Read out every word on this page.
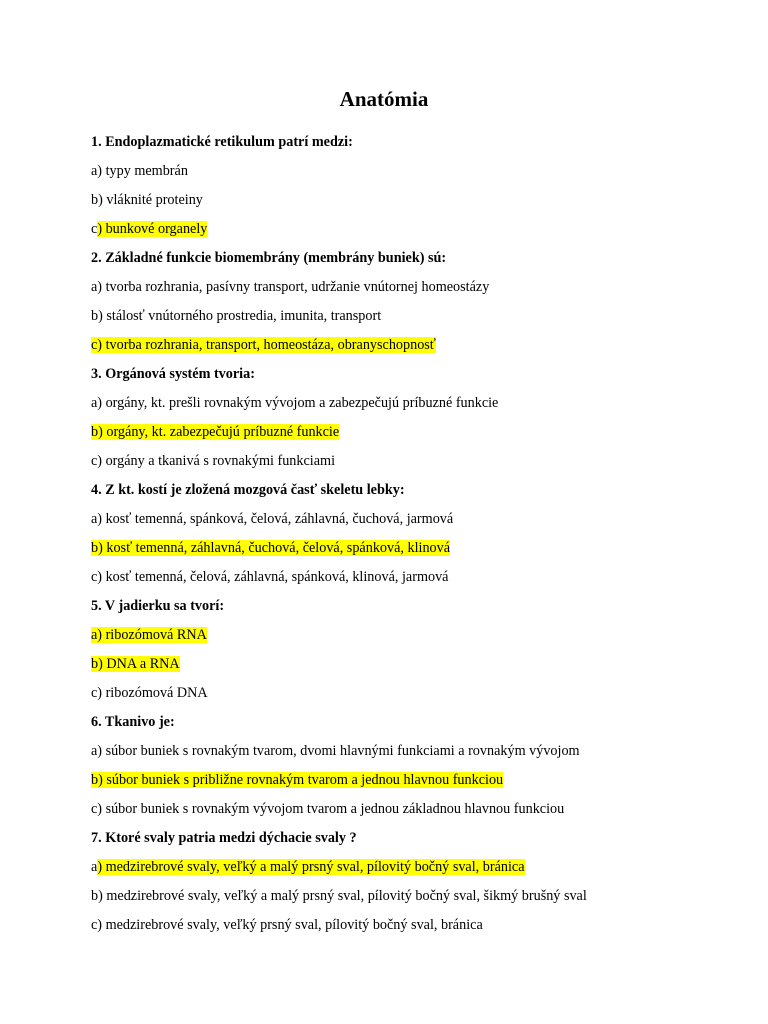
Anatómia
1. Endoplazmatické retikulum patrí medzi:
a) typy membrán
b) vláknité proteiny
c) bunkové organely
2. Základné funkcie biomembrány (membrány buniek) sú:
a) tvorba rozhrania, pasívny transport, udržanie vnútornej homeostázy
b) stálosť vnútorného prostredia, imunita, transport
c) tvorba rozhrania, transport, homeostáza, obranyschopnosť
3. Orgánová systém tvoria:
a) orgány, kt. prešli rovnakým vývojom a zabezpečujú príbuzné funkcie
b) orgány, kt. zabezpečujú príbuzné funkcie
c) orgány a tkanivá s rovnakými funkciami
4. Z kt. kostí je zložená mozgová časť skeletu lebky:
a) kosť temenná, spánková, čelová, záhlavná, čuchová, jarmová
b) kosť temenná, záhlavná, čuchová, čelová, spánková, klinová
c) kosť temenná, čelová, záhlavná, spánková, klinová, jarmová
5. V jadierku sa tvorí:
a) ribozómová RNA
b) DNA a RNA
c) ribozómová DNA
6. Tkanivo je:
a) súbor buniek s rovnakým tvarom, dvomi hlavnými funkciami a rovnakým vývojom
b) súbor buniek s približne rovnakým tvarom a jednou hlavnou funkciou
c) súbor buniek s rovnakým vývojom tvarom a jednou základnou hlavnou funkciou
7. Ktoré svaly patria medzi dýchacie svaly ?
a) medzirebrové svaly, veľký a malý prsný sval, pílovitý bočný sval, bránica
b) medzirebrové svaly, veľký a malý prsný sval, pílovitý bočný sval, šikmý brušný sval
c) medzirebrové svaly, veľký prsný sval, pílovitý bočný sval, bránica
